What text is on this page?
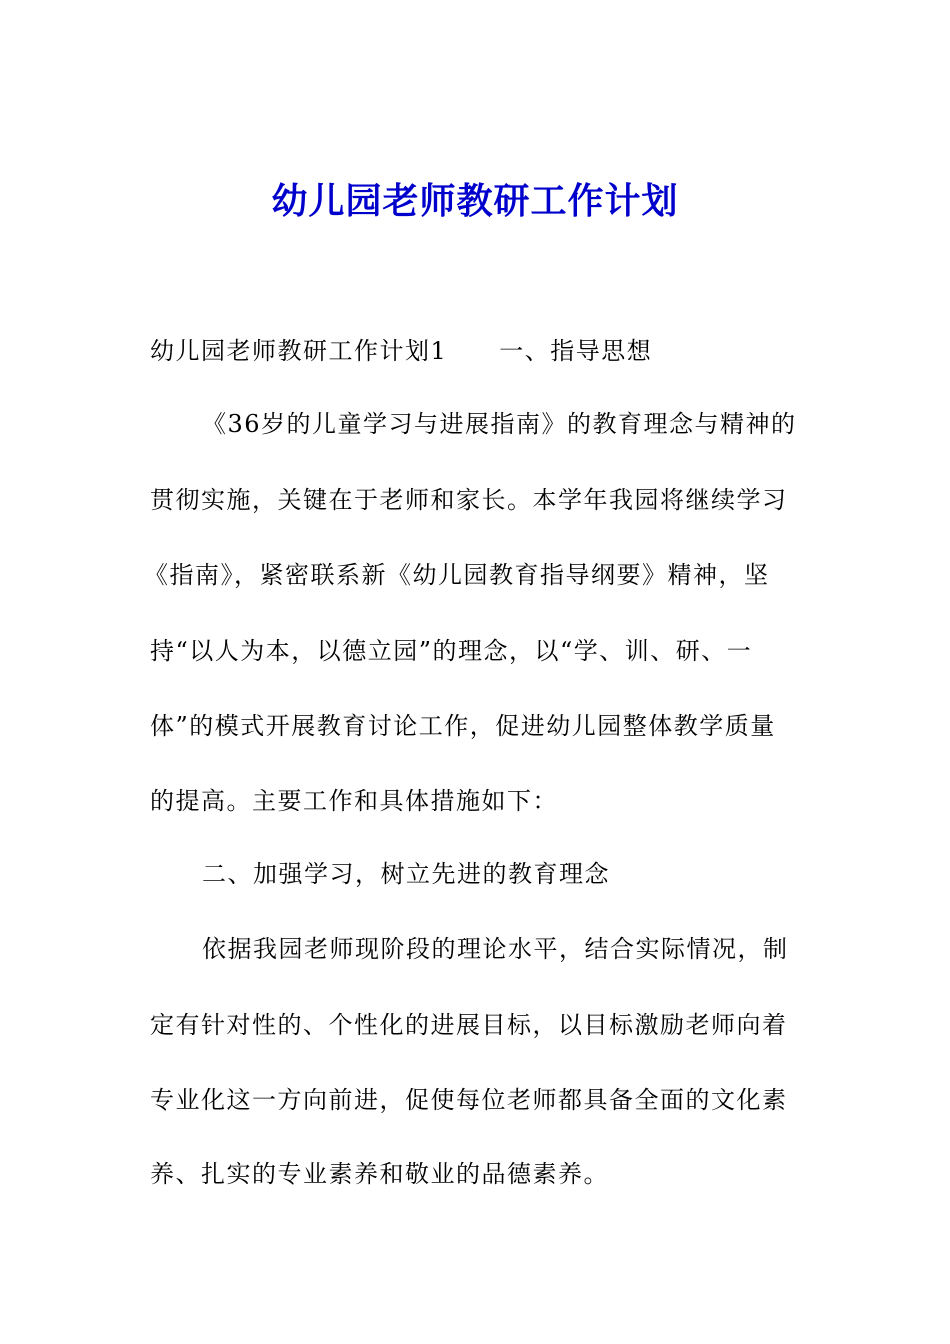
幼儿园老师教研工作计划
幼儿园老师教研工作计划1 一、指导思想
《36岁的儿童学习与进展指南》的教育理念与精神的
贯彻实施，关键在于老师和家长。本学年我园将继续学习
《指南》，紧密联系新《幼儿园教育指导纲要》精神，坚
持“以人为本，以德立园”的理念，以“学、训、研、一
体”的模式开展教育讨论工作，促进幼儿园整体教学质量
的提高。主要工作和具体措施如下：
二、加强学习，树立先进的教育理念
依据我园老师现阶段的理论水平，结合实际情况，制
定有针对性的、个性化的进展目标，以目标激励老师向着
专业化这一方向前进，促使每位老师都具备全面的文化素
养、扎实的专业素养和敬业的品德素养。
